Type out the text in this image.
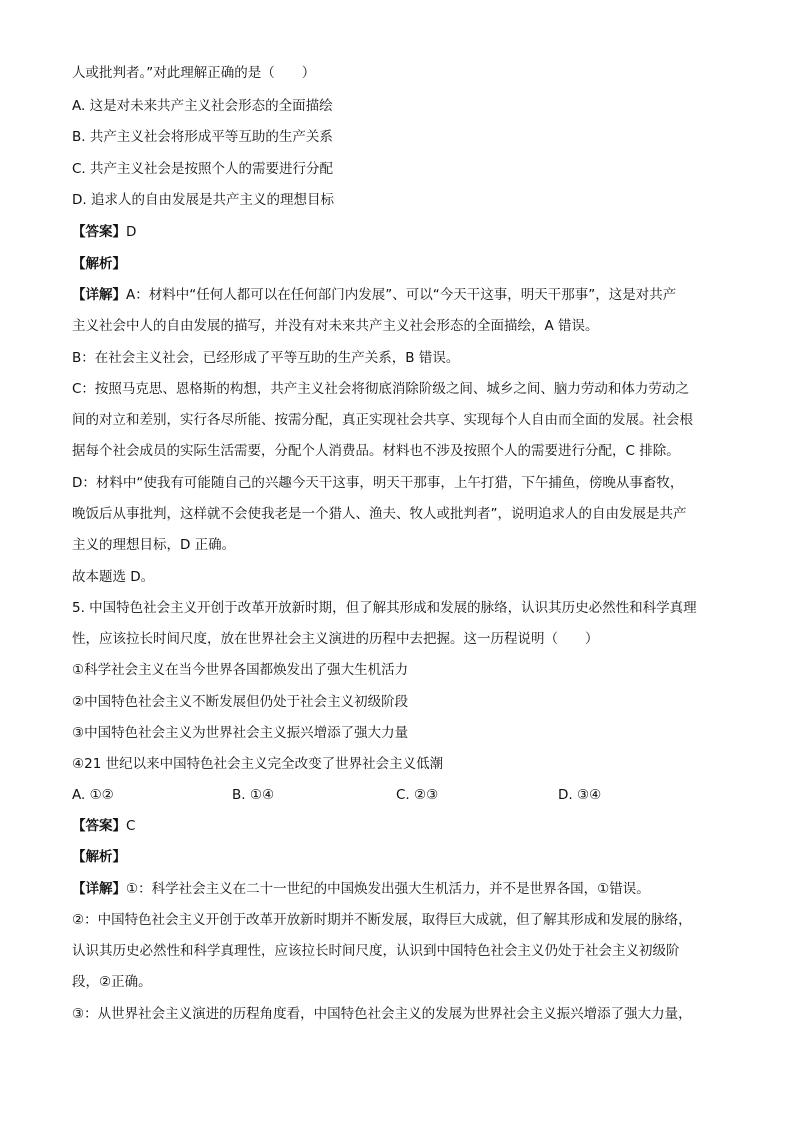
人或批判者。”对此理解正确的是（　　）
A. 这是对未来共产主义社会形态的全面描绘
B. 共产主义社会将形成平等互助的生产关系
C. 共产主义社会是按照个人的需要进行分配
D. 追求人的自由发展是共产主义的理想目标
【答案】D
【解析】
【详解】A：材料中“任何人都可以在任何部门内发展”、可以“今天干这事，明天干那事”，这是对共产
主义社会中人的自由发展的描写，并没有对未来共产主义社会形态的全面描绘，A 错误。
B：在社会主义社会，已经形成了平等互助的生产关系，B 错误。
C：按照马克思、恩格斯的构想，共产主义社会将彻底消除阶级之间、城乡之间、脑力劳动和体力劳动之
间的对立和差别，实行各尽所能、按需分配，真正实现社会共享、实现每个人自由而全面的发展。社会根
据每个社会成员的实际生活需要，分配个人消费品。材料也不涉及按照个人的需要进行分配，C 排除。
D：材料中“使我有可能随自己的兴趣今天干这事，明天干那事，上午打猎，下午捕鱼，傍晚从事畜牧，
晚饭后从事批判，这样就不会使我老是一个猎人、渔夫、牧人或批判者”，说明追求人的自由发展是共产
主义的理想目标，D 正确。
故本题选 D。
5. 中国特色社会主义开创于改革开放新时期，但了解其形成和发展的脉络，认识其历史必然性和科学真理
性，应该拉长时间尺度，放在世界社会主义演进的历程中去把握。这一历程说明（　　）
①科学社会主义在当今世界各国都焕发出了强大生机活力
②中国特色社会主义不断发展但仍处于社会主义初级阶段
③中国特色社会主义为世界社会主义振兴增添了强大力量
④21 世纪以来中国特色社会主义完全改变了世界社会主义低潮
A. ①②	B. ①④	C. ②③	D. ③④
【答案】C
【解析】
【详解】①：科学社会主义在二十一世纪的中国焕发出强大生机活力，并不是世界各国，①错误。
②：中国特色社会主义开创于改革开放新时期并不断发展，取得巨大成就，但了解其形成和发展的脉络，
认识其历史必然性和科学真理性，应该拉长时间尺度，认识到中国特色社会主义仍处于社会主义初级阶
段，②正确。
③：从世界社会主义演进的历程角度看，中国特色社会主义的发展为世界社会主义振兴增添了强大力量，
